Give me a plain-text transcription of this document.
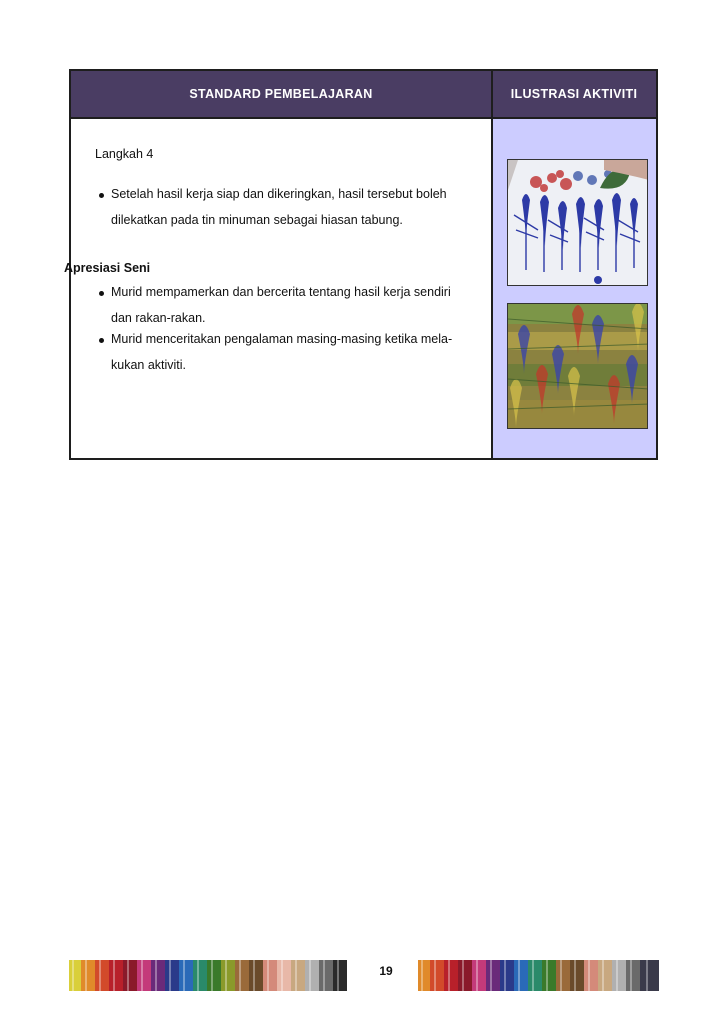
STANDARD PEMBELAJARAN	ILUSTRASI AKTIVITI
Langkah 4
Setelah hasil kerja siap dan dikeringkan, hasil tersebut boleh
dilekatkan pada tin minuman sebagai hiasan tabung.
Apresiasi Seni
Murid mempamerkan dan bercerita tentang hasil kerja sendiri
dan rakan-rakan.
Murid menceritakan pengalaman masing-masing ketika mela-
kukan aktiviti.
19
